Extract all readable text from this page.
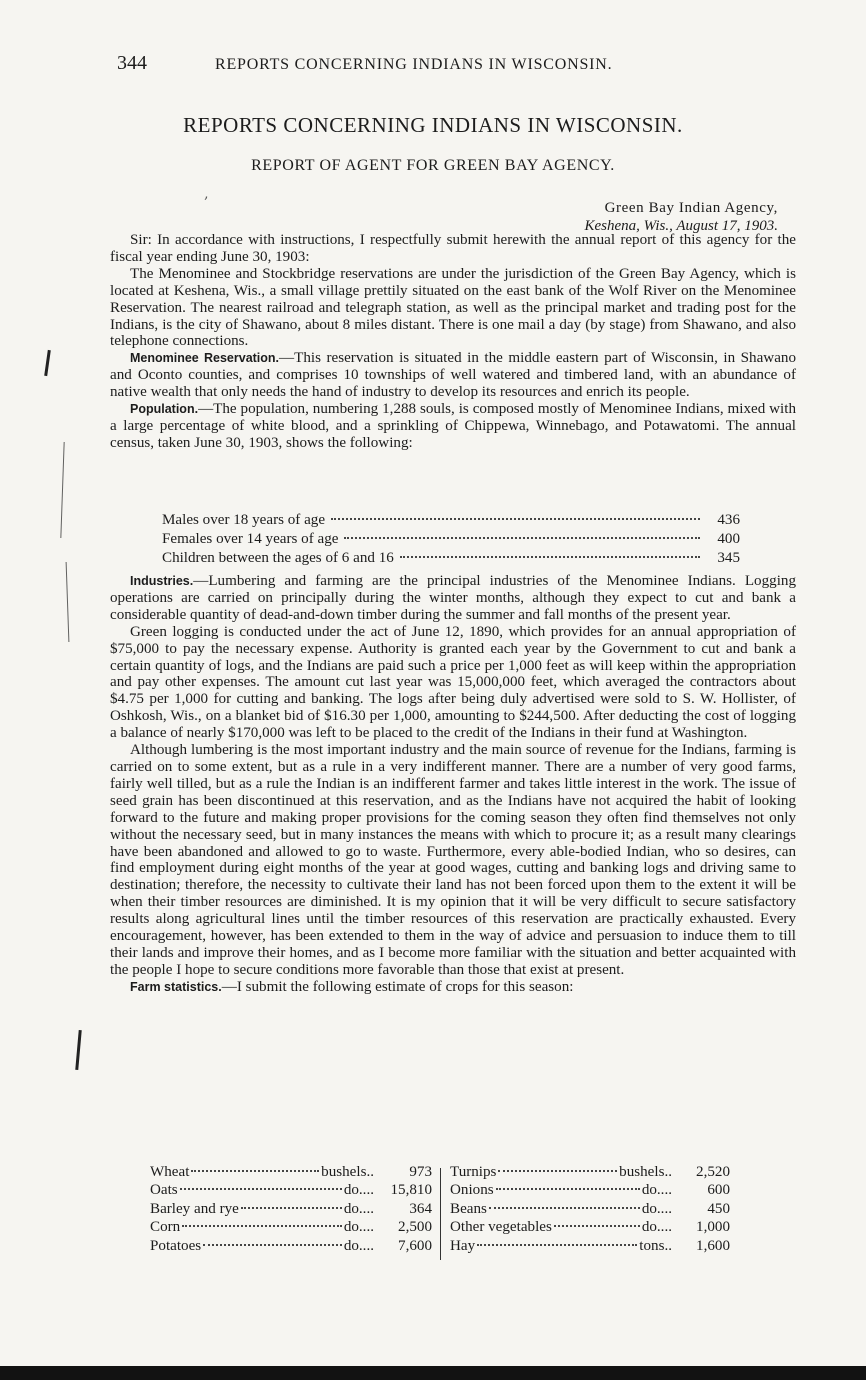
344	REPORTS CONCERNING INDIANS IN WISCONSIN.
REPORTS CONCERNING INDIANS IN WISCONSIN.
REPORT OF AGENT FOR GREEN BAY AGENCY.
‚
Green Bay Indian Agency,
Keshena, Wis., August 17, 1903.

Sir: In accordance with instructions, I respectfully submit herewith the annual report of this agency for the fiscal year ending June 30, 1903:

The Menominee and Stockbridge reservations are under the jurisdiction of the Green Bay Agency, which is located at Keshena, Wis., a small village prettily situated on the east bank of the Wolf River on the Menominee Reservation. The nearest railroad and telegraph station, as well as the principal market and trading post for the Indians, is the city of Shawano, about 8 miles distant. There is one mail a day (by stage) from Shawano, and also telephone connections.

Menominee Reservation.—This reservation is situated in the middle eastern part of Wisconsin, in Shawano and Oconto counties, and comprises 10 townships of well watered and timbered land, with an abundance of native wealth that only needs the hand of industry to develop its resources and enrich its people.

Population.—The population, numbering 1,288 souls, is composed mostly of Menominee Indians, mixed with a large percentage of white blood, and a sprinkling of Chippewa, Winnebago, and Potawatomi. The annual census, taken June 30, 1903, shows the following:

Males over 18 years of age	436
Females over 14 years of age	400
Children between the ages of 6 and 16	345

Industries.—Lumbering and farming are the principal industries of the Menominee Indians. Logging operations are carried on principally during the winter months, although they expect to cut and bank a considerable quantity of dead-and-down timber during the summer and fall months of the present year.

Green logging is conducted under the act of June 12, 1890, which provides for an annual appropriation of $75,000 to pay the necessary expense. Authority is granted each year by the Government to cut and bank a certain quantity of logs, and the Indians are paid such a price per 1,000 feet as will keep within the appropriation and pay other expenses. The amount cut last year was 15,000,000 feet, which averaged the contractors about $4.75 per 1,000 for cutting and banking. The logs after being duly advertised were sold to S. W. Hollister, of Oshkosh, Wis., on a blanket bid of $16.30 per 1,000, amounting to $244,500. After deducting the cost of logging a balance of nearly $170,000 was left to be placed to the credit of the Indians in their fund at Washington.

Although lumbering is the most important industry and the main source of revenue for the Indians, farming is carried on to some extent, but as a rule in a very indifferent manner. There are a number of very good farms, fairly well tilled, but as a rule the Indian is an indifferent farmer and takes little interest in the work. The issue of seed grain has been discontinued at this reservation, and as the Indians have not acquired the habit of looking forward to the future and making proper provisions for the coming season they often find themselves not only without the necessary seed, but in many instances the means with which to procure it; as a result many clearings have been abandoned and allowed to go to waste. Furthermore, every able-bodied Indian, who so desires, can find employment during eight months of the year at good wages, cutting and banking logs and driving same to destination; therefore, the necessity to cultivate their land has not been forced upon them to the extent it will be when their timber resources are diminished. It is my opinion that it will be very difficult to secure satisfactory results along agricultural lines until the timber resources of this reservation are practically exhausted. Every encouragement, however, has been extended to them in the way of advice and persuasion to induce them to till their lands and improve their homes, and as I become more familiar with the situation and better acquainted with the people I hope to secure conditions more favorable than those that exist at present.

Farm statistics.—I submit the following estimate of crops for this season:

Wheat	bushels..	973
Oats	do....	15,810
Barley and rye	do....	364
Corn	do....	2,500
Potatoes	do....	7,600
Turnips	bushels..	2,520
Onions	do....	600
Beans	do....	450
Other vegetables	do....	1,000
Hay	tons..	1,600
